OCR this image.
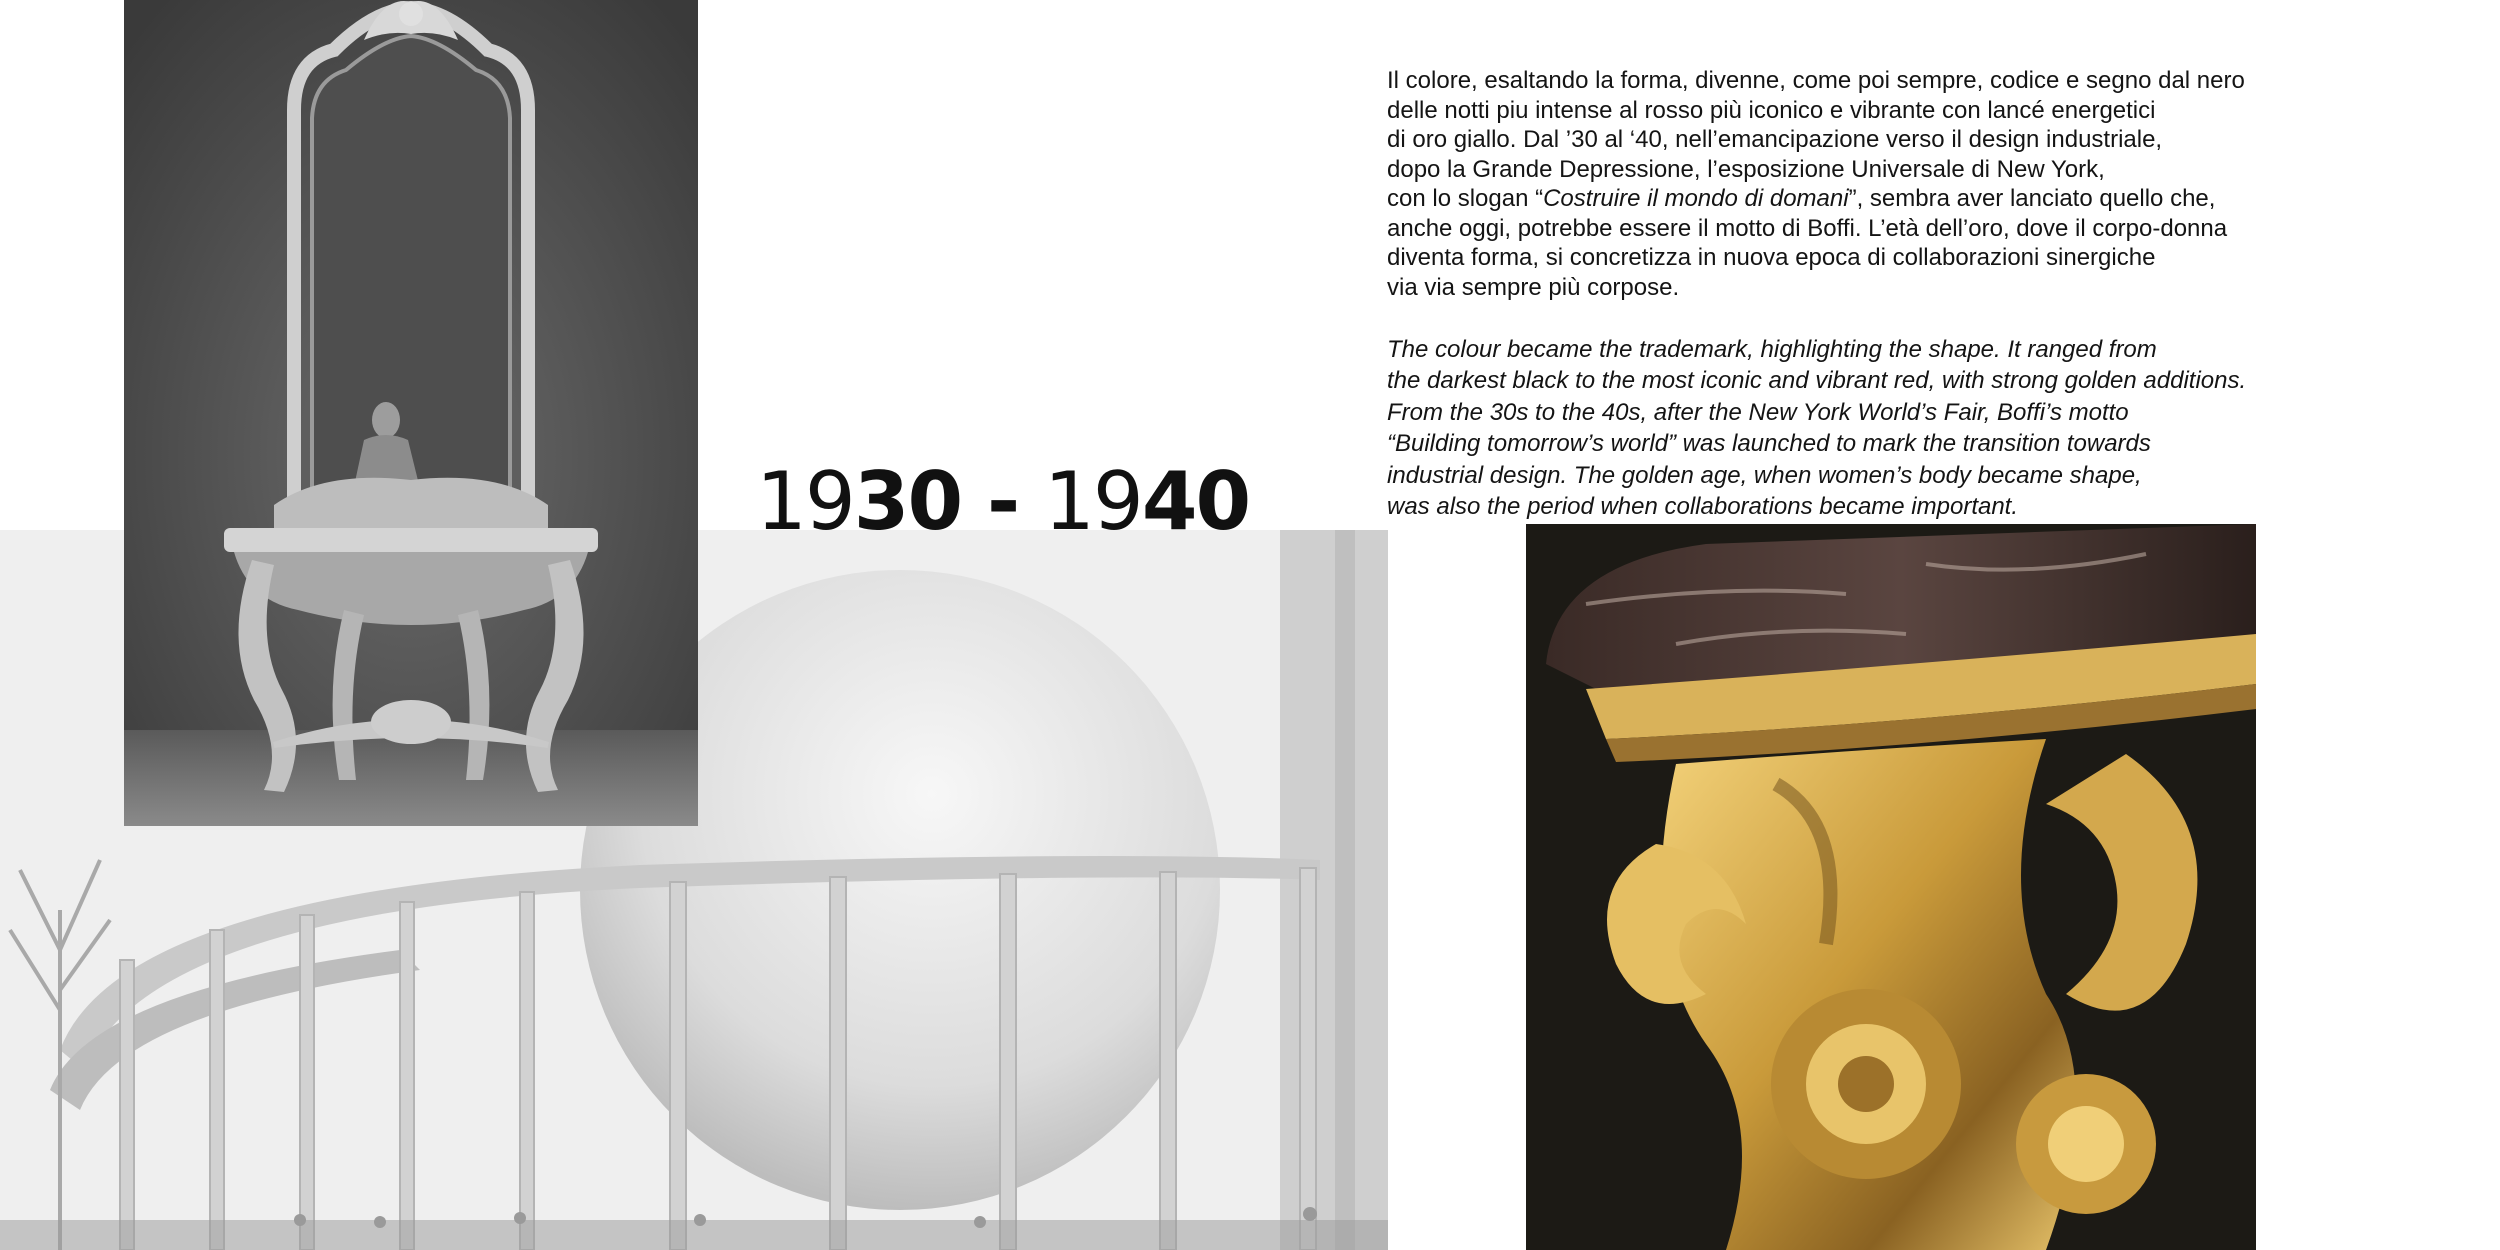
1930 - 1940
Il colore, esaltando la forma, divenne, come poi sempre, codice e segno dal nero
delle notti piu intense al rosso più iconico e vibrante con lancé energetici
di oro giallo. Dal ’30 al ‘40, nell’emancipazione verso il design industriale,
dopo la Grande Depressione, l’esposizione Universale di New York,
con lo slogan “Costruire il mondo di domani”, sembra aver lanciato quello che,
anche oggi, potrebbe essere il motto di Boffi. L’età dell’oro, dove il corpo-donna
diventa forma, si concretizza in nuova epoca di collaborazioni sinergiche
via via sempre più corpose.
The colour became the trademark, highlighting the shape. It ranged from
the darkest black to the most iconic and vibrant red, with strong golden additions.
From the 30s to the 40s, after the New York World’s Fair, Boffi’s motto
“Building tomorrow’s world” was launched to mark the transition towards
industrial design. The golden age, when women’s body became shape,
was also the period when collaborations became important.
